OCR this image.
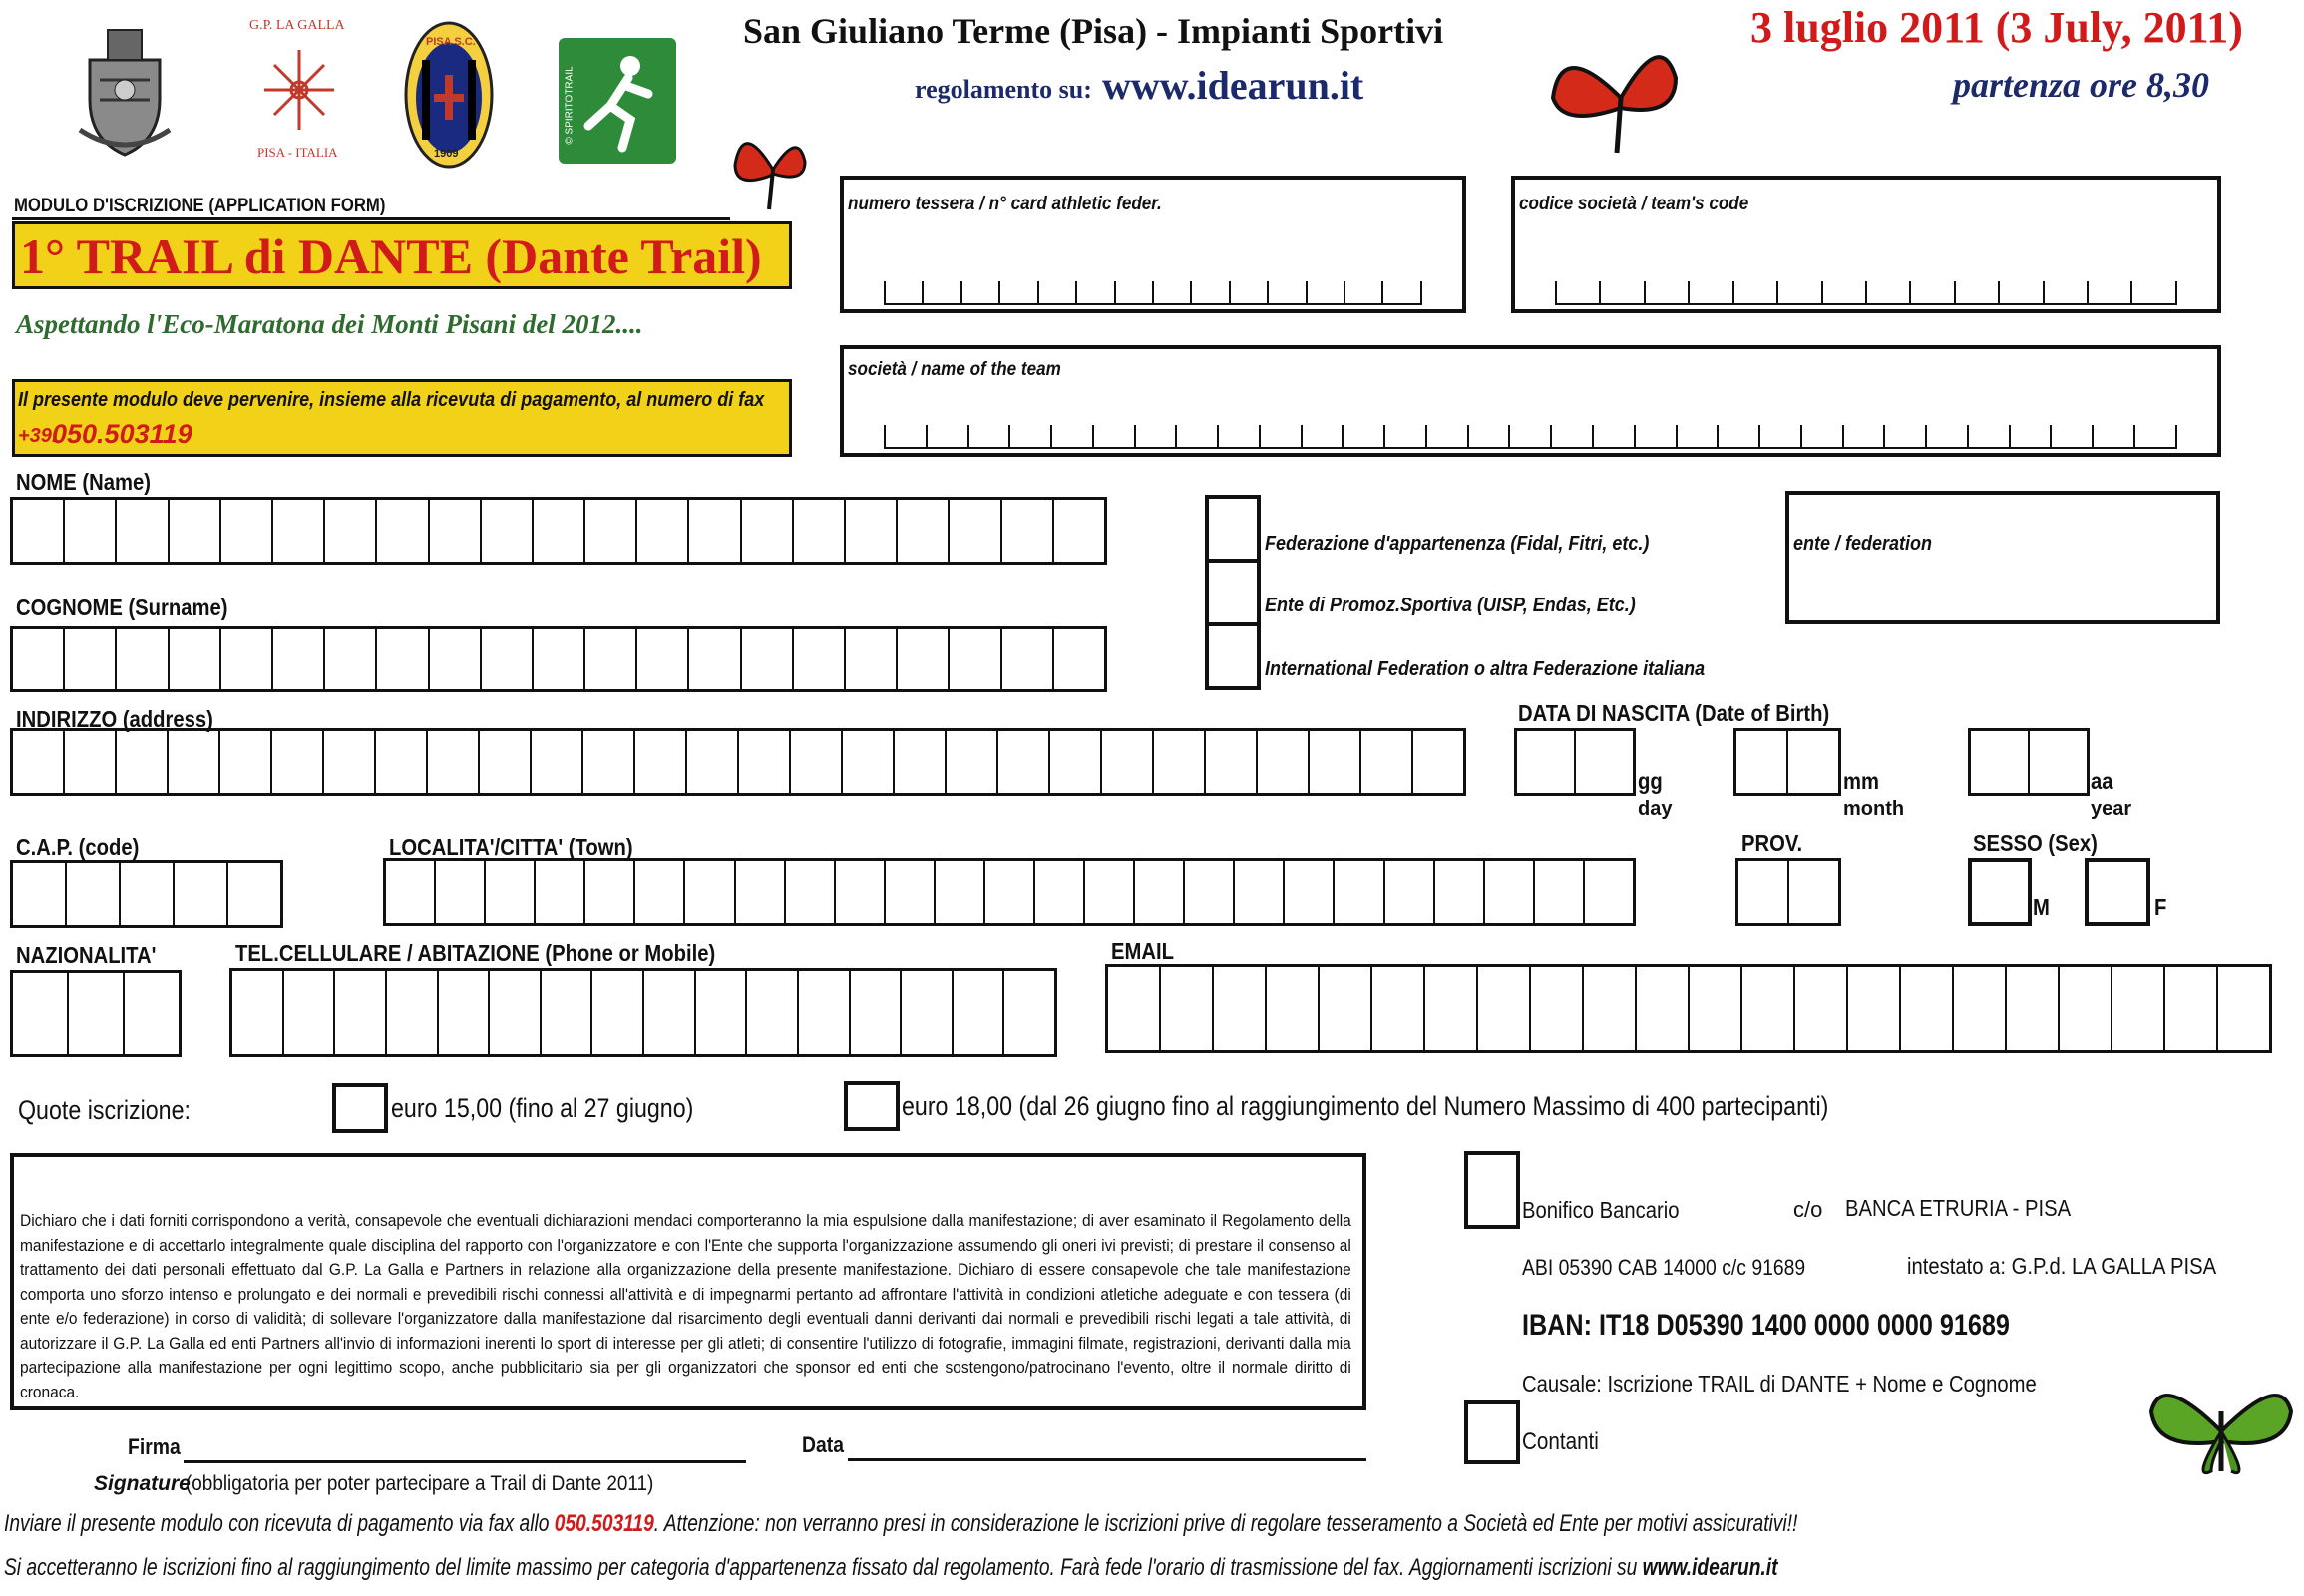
G.P. LA GALLA
PISA - ITALIA
PISA S.C.
1909
© SPIRITOTRAIL
San Giuliano Terme (Pisa) - Impianti Sportivi
regolamento su: www.idearun.it
3 luglio 2011 (3 July, 2011)
partenza ore 8,30
MODULO D'ISCRIZIONE (APPLICATION FORM)
1° TRAIL di DANTE (Dante Trail)
Aspettando l'Eco-Maratona dei Monti Pisani del 2012....
Il presente modulo deve pervenire, insieme alla ricevuta di pagamento, al numero di fax
+39.
050.503119
numero tessera / n° card athletic feder.	codice società / team's code
società / name of the team
NOME (Name)
COGNOME (Surname)
Federazione d'appartenenza (Fidal, Fitri, etc.)
Ente di Promoz.Sportiva (UISP, Endas, Etc.)
International Federation o altra Federazione italiana
ente / federation
INDIRIZZO (address)	DATA DI NASCITA (Date of Birth)
gg
day
mm
month
aa
year
C.A.P. (code)	LOCALITA'/CITTA' (Town)	PROV.	SESSO (Sex)
M	F
NAZIONALITA'	TEL.CELLULARE / ABITAZIONE (Phone or Mobile)	EMAIL
Quote iscrizione:	euro 15,00 (fino al 27 giugno)	euro 18,00 (dal 26 giugno fino al raggiungimento del Numero Massimo di 400 partecipanti)
Dichiaro che i dati forniti corrispondono a verità, consapevole che eventuali dichiarazioni mendaci comporteranno la mia espulsione dalla manifestazione; di aver esaminato il Regolamento della manifestazione e di accettarlo integralmente quale disciplina del rapporto con l'organizzatore e con l'Ente che supporta l'organizzazione assumendo gli oneri ivi previsti; di prestare il consenso al trattamento dei dati personali effettuato dal G.P. La Galla e Partners in relazione alla organizzazione della presente manifestazione. Dichiaro di essere consapevole che tale manifestazione comporta uno sforzo intenso e prolungato e dei normali e prevedibili rischi connessi all'attività e di impegnarmi pertanto ad affrontare l'attività in condizioni atletiche adeguate e con tessera (di ente e/o federazione) in corso di validità; di sollevare l'organizzatore dalla manifestazione dal risarcimento degli eventuali danni derivanti dai normali e prevedibili rischi legati a tale attività, di autorizzare il G.P. La Galla ed enti Partners all'invio di informazioni inerenti lo sport di interesse per gli atleti; di consentire l'utilizzo di fotografie, immagini filmate, registrazioni, derivanti dalla mia partecipazione alla manifestazione per ogni legittimo scopo, anche pubblicitario sia per gli organizzatori che sponsor ed enti che sostengono/patrocinano l'evento, oltre il normale diritto di cronaca.
Bonifico Bancario	c/o BANCA ETRURIA - PISA
ABI 05390 CAB 14000 c/c 91689	intestato a: G.P.d. LA GALLA PISA
IBAN: IT18 D05390 1400 0000 0000 91689
Causale: Iscrizione TRAIL di DANTE + Nome e Cognome
Contanti
Firma	Data
Signature
(obbligatoria per poter partecipare a Trail di Dante 2011)
Inviare il presente modulo con ricevuta di pagamento via fax allo 050.503119. Attenzione: non verranno presi in considerazione le iscrizioni prive di regolare tesseramento a Società ed Ente per motivi assicurativi!!
Si accetteranno le iscrizioni fino al raggiungimento del limite massimo per categoria d'appartenenza fissato dal regolamento. Farà fede l'orario di trasmissione del fax. Aggiornamenti iscrizioni su www.idearun.it
